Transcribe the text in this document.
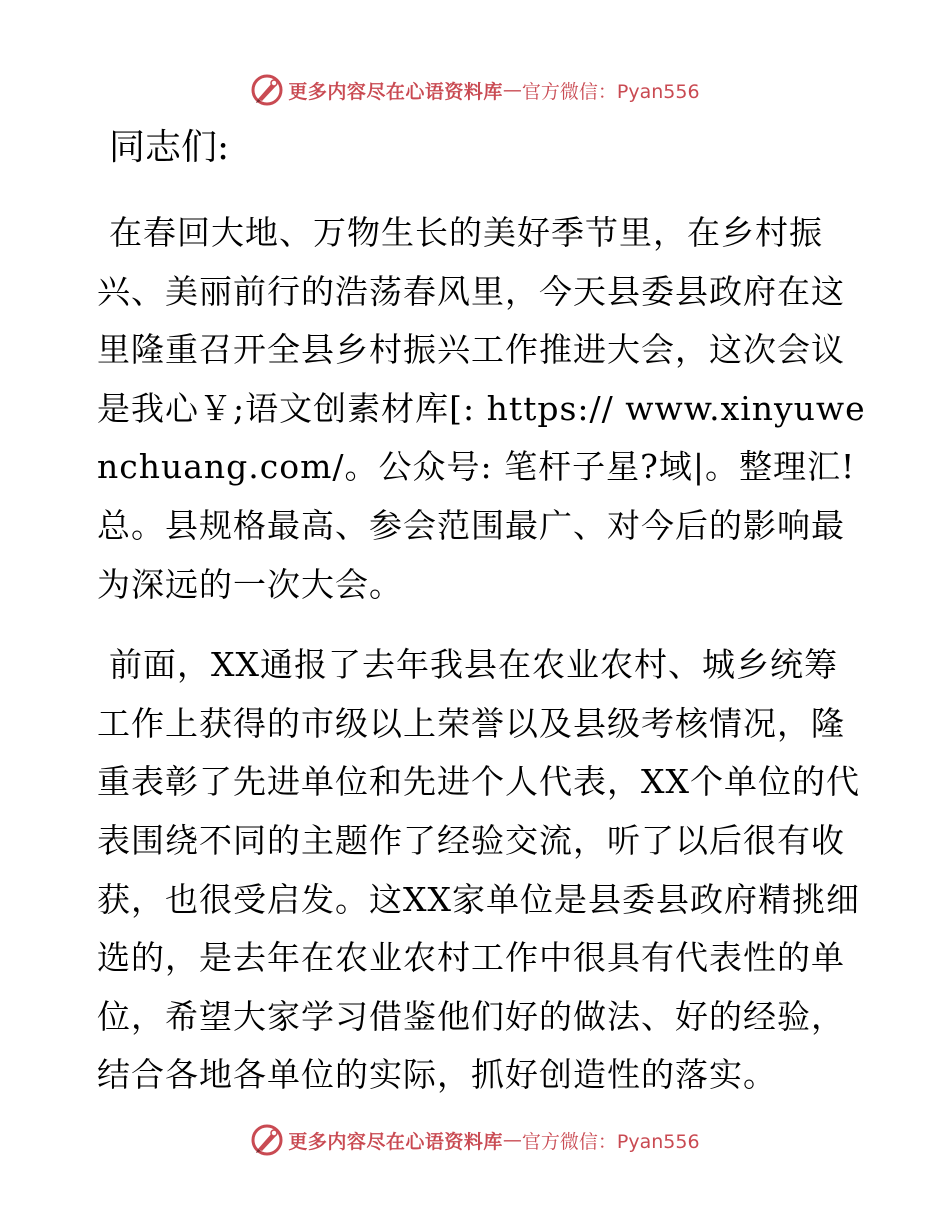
更多内容尽在心语资料库 — 官方微信：Pyan556
同志们:

在春回大地、万物生长的美好季节里，在乡村振兴、美丽前行的浩荡春风里，今天县委县政府在这里隆重召开全县乡村振兴工作推进大会，这次会议是我心￥;语文创素材库[: https:// www.xinyuwenchuang.com/。公众号: 笔杆子星?域|。整理汇! 总。县规格最高、参会范围最广、对今后的影响最为深远的一次大会。

前面，XX通报了去年我县在农业农村、城乡统筹工作上获得的市级以上荣誉以及县级考核情况，隆重表彰了先进单位和先进个人代表，XX个单位的代表围绕不同的主题作了经验交流，听了以后很有收获，也很受启发。这XX家单位是县委县政府精挑细选的，是去年在农业农村工作中很具有代表性的单位，希望大家学习借鉴他们好的做法、好的经验，结合各地各单位的实际，抓好创造性的落实。

更多内容尽在心语资料库 — 官方微信：Pyan556
